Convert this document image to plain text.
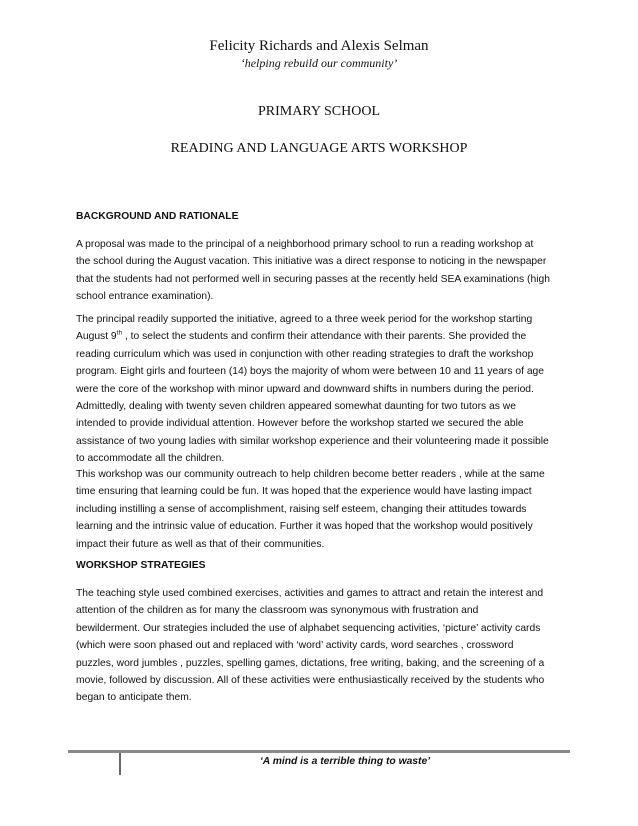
Felicity Richards and Alexis Selman
‘helping rebuild our community’
PRIMARY SCHOOL
READING AND LANGUAGE ARTS WORKSHOP
BACKGROUND AND RATIONALE
A proposal was made to the principal of a neighborhood primary school to run a reading workshop at
the school during the August vacation. This initiative was a direct response to noticing in the newspaper
that the students had not performed well in securing passes at the recently held SEA examinations (high
school entrance examination).
The principal readily supported the initiative, agreed to a three week period for the workshop starting
August 9th , to select the students and confirm their attendance with their parents. She provided the
reading curriculum which was used in conjunction with other reading strategies to draft the workshop
program. Eight girls and fourteen (14) boys the majority of whom were between 10 and 11 years of age
were the core of the workshop with minor upward and downward shifts in numbers during the period.
Admittedly, dealing with twenty seven children appeared somewhat daunting for two tutors as we
intended to provide individual attention. However before the workshop started we secured the able
assistance of two young ladies with similar workshop experience and their volunteering made it possible
to accommodate all the children.
This workshop was our community outreach to help children become better readers , while at the same
time ensuring that learning could be fun. It was hoped that the experience would have lasting impact
including instilling a sense of accomplishment, raising self esteem, changing their attitudes towards
learning and the intrinsic value of education. Further it was hoped that the workshop would positively
impact their future as well as that of their communities.
WORKSHOP STRATEGIES
The teaching style used combined exercises, activities and games to attract and retain the interest and
attention of the children as for many the classroom was synonymous with frustration and
bewilderment. Our strategies included the use of alphabet sequencing activities, ‘picture’ activity cards
(which were soon phased out and replaced with ‘word’ activity cards, word searches , crossword
puzzles, word jumbles , puzzles, spelling games, dictations, free writing, baking, and the screening of a
movie, followed by discussion. All of these activities were enthusiastically received by the students who
began to anticipate them.
‘A mind is a terrible thing to waste’
